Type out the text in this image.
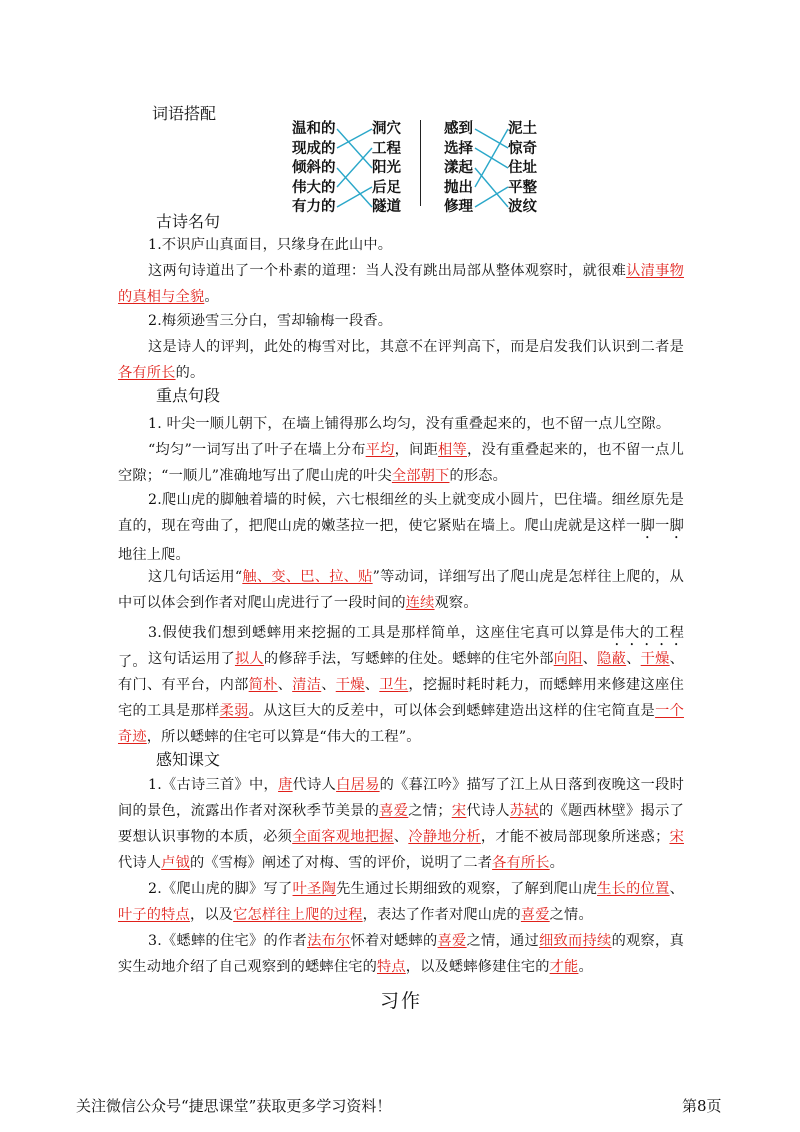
词语搭配
温和的
现成的
倾斜的
伟大的
有力的
洞穴
工程
阳光
后足
隧道
感到
选择
漾起
抛出
修理
泥土
惊奇
住址
平整
波纹
古诗名句
1.不识庐山真面目，只缘身在此山中。
这两句诗道出了一个朴素的道理：当人没有跳出局部从整体观察时，就很难认清事物的真相与全貌。
2.梅须逊雪三分白，雪却输梅一段香。
这是诗人的评判，此处的梅雪对比，其意不在评判高下，而是启发我们认识到二者是各有所长的。
重点句段
1. 叶尖一顺儿朝下，在墙上铺得那么均匀，没有重叠起来的，也不留一点儿空隙。
“均匀”一词写出了叶子在墙上分布平均，间距相等，没有重叠起来的，也不留一点儿空隙；“一顺儿”准确地写出了爬山虎的叶尖全部朝下的形态。
2.爬山虎的脚触着墙的时候，六七根细丝的头上就变成小圆片，巴住墙。细丝原先是直的，现在弯曲了，把爬山虎的嫩茎拉一把，使它紧贴在墙上。爬山虎就是这样一脚一脚地往上爬。
这几句话运用“触、变、巴、拉、贴”等动词，详细写出了爬山虎是怎样往上爬的，从中可以体会到作者对爬山虎进行了一段时间的连续观察。
3.假使我们想到蟋蟀用来挖掘的工具是那样简单，这座住宅真可以算是伟大的工程了。 这句话运用了拟人的修辞手法，写蟋蟀的住处。蟋蟀的住宅外部向阳、隐蔽、干燥、有门、有平台，内部简朴、清洁、干燥、卫生，挖掘时耗时耗力，而蟋蟀用来修建这座住宅的工具是那样柔弱。从这巨大的反差中，可以体会到蟋蟀建造出这样的住宅简直是一个奇迹，所以蟋蟀的住宅可以算是“伟大的工程”。
感知课文
1.《古诗三首》中，唐代诗人白居易的《暮江吟》描写了江上从日落到夜晚这一段时间的景色，流露出作者对深秋季节美景的喜爱之情；宋代诗人苏轼的《题西林壁》揭示了要想认识事物的本质，必须全面客观地把握、冷静地分析，才能不被局部现象所迷惑；宋代诗人卢钺的《雪梅》阐述了对梅、雪的评价，说明了二者各有所长。
2.《爬山虎的脚》写了叶圣陶先生通过长期细致的观察，了解到爬山虎生长的位置、叶子的特点，以及它怎样往上爬的过程，表达了作者对爬山虎的喜爱之情。
3.《蟋蟀的住宅》的作者法布尔怀着对蟋蟀的喜爱之情，通过细致而持续的观察，真实生动地介绍了自己观察到的蟋蟀住宅的特点，以及蟋蟀修建住宅的才能。
习作
关注微信公众号“捷思课堂”获取更多学习资料！	第8页
